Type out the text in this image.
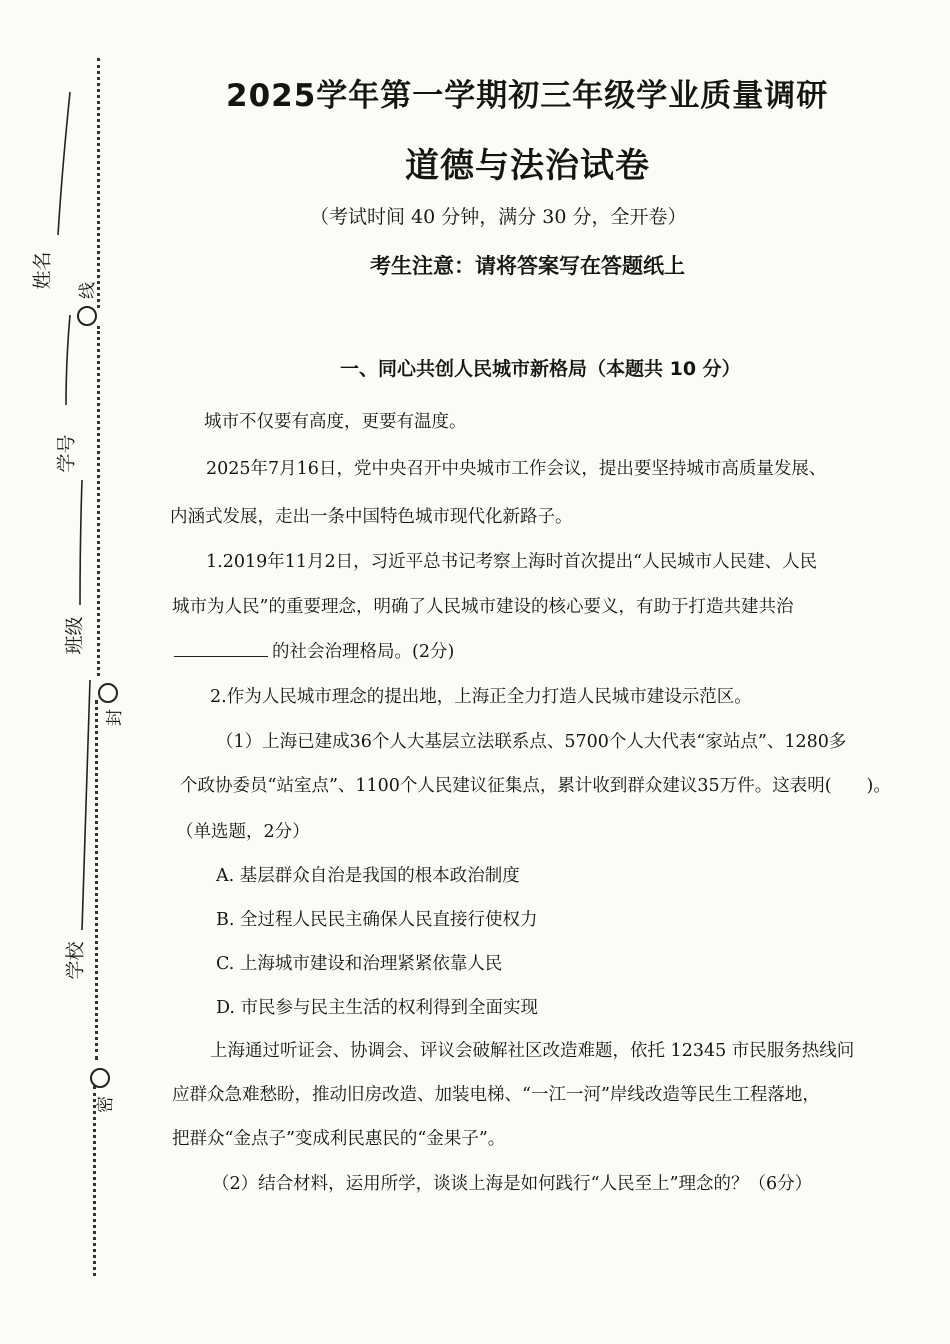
姓名
学号
班级
学校
线
封
密
2025学年第一学期初三年级学业质量调研
道德与法治试卷
（考试时间 40 分钟，满分 30 分，全开卷）
考生注意：请将答案写在答题纸上
一、同心共创人民城市新格局（本题共 10 分）
城市不仅要有高度，更要有温度。
2025年7月16日，党中央召开中央城市工作会议，提出要坚持城市高质量发展、
内涵式发展，走出一条中国特色城市现代化新路子。
1.2019年11月2日，习近平总书记考察上海时首次提出“人民城市人民建、人民
城市为人民”的重要理念，明确了人民城市建设的核心要义，有助于打造共建共治
的社会治理格局。(2分)
2.作为人民城市理念的提出地，上海正全力打造人民城市建设示范区。
（1）上海已建成36个人大基层立法联系点、5700个人大代表“家站点”、1280多
个政协委员“站室点”、1100个人民建议征集点，累计收到群众建议35万件。这表明(　　)。
（单选题，2分）
A. 基层群众自治是我国的根本政治制度
B. 全过程人民民主确保人民直接行使权力
C. 上海城市建设和治理紧紧依靠人民
D. 市民参与民主生活的权利得到全面实现
上海通过听证会、协调会、评议会破解社区改造难题，依托 12345 市民服务热线问
应群众急难愁盼，推动旧房改造、加装电梯、“一江一河”岸线改造等民生工程落地，
把群众“金点子”变成利民惠民的“金果子”。
（2）结合材料，运用所学，谈谈上海是如何践行“人民至上”理念的？（6分）
